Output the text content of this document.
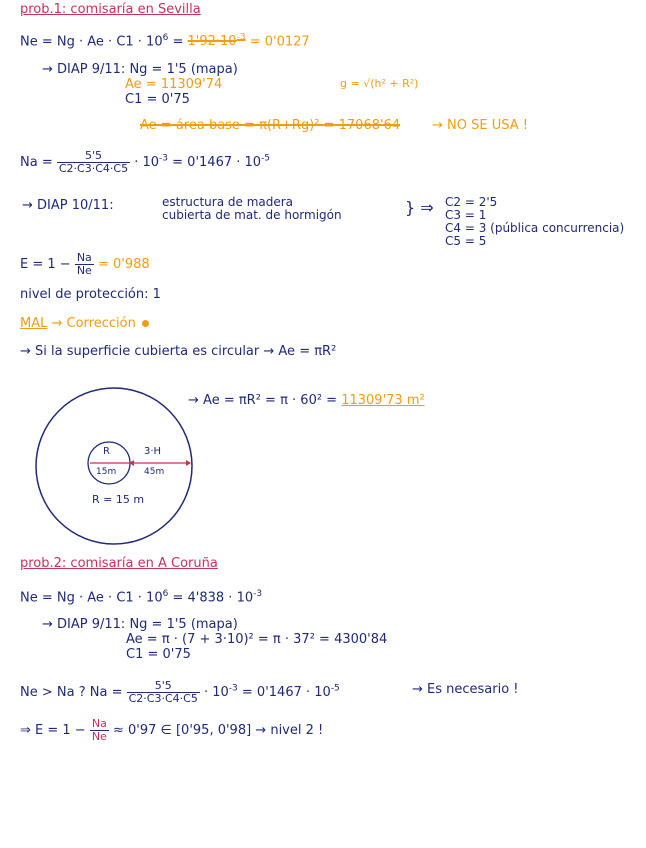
prob.1: comisaría en Sevilla
$Ne = Ng \cdot Ae \cdot C1 \cdot 10^6 = 1'92\cdot 10^{-3} = 0'0127$
→ DIAP 9/11: Ng = 1'5 (mapa)
Ae = 11309'74
C1 = 0'75
g = √(h² + R²)
Ae = área base = π(R+Rg)² = 17068'64 → NO SE USA !
$Na = \frac{5'5}{C2\cdot C3\cdot C4\cdot C5} \cdot 10^{-3} = 0'1467 \cdot 10^{-5}$
→ DIAP 10/11:	estructura de madera
cubierta de mat. de hormigón	} ⇒ C2 = 2'5
C3 = 1
C4 = 3 (pública concurrencia)
C5 = 5
$E = 1 - \frac{Na}{Ne} = 0'988$
nivel de protección: 1
MAL → Corrección
→ Si la superficie cubierta es circular → Ae = πR²
→ Ae = πR² = π · 60² = 11309'73 m²
R
15m
3·H
45m
R = 15 m
prob.2: comisaría en A Coruña
$Ne = Ng \cdot Ae \cdot C1 \cdot 10^6 = 4'838 \cdot 10^{-3}$
→ DIAP 9/11: Ng = 1'5 (mapa)
Ae = π · (7 + 3·10)² = π · 37² = 4300'84
C1 = 0'75
Ne > Na ? $Na = \frac{5'5}{C2\cdot C3\cdot C4\cdot C5} \cdot 10^{-3} = 0'1467 \cdot 10^{-5}$	→ Es necesario !
⇒ $E = 1 - \frac{Na}{Ne} \approx 0'97$ ∈ [0'95, 0'98] → nivel 2 !
